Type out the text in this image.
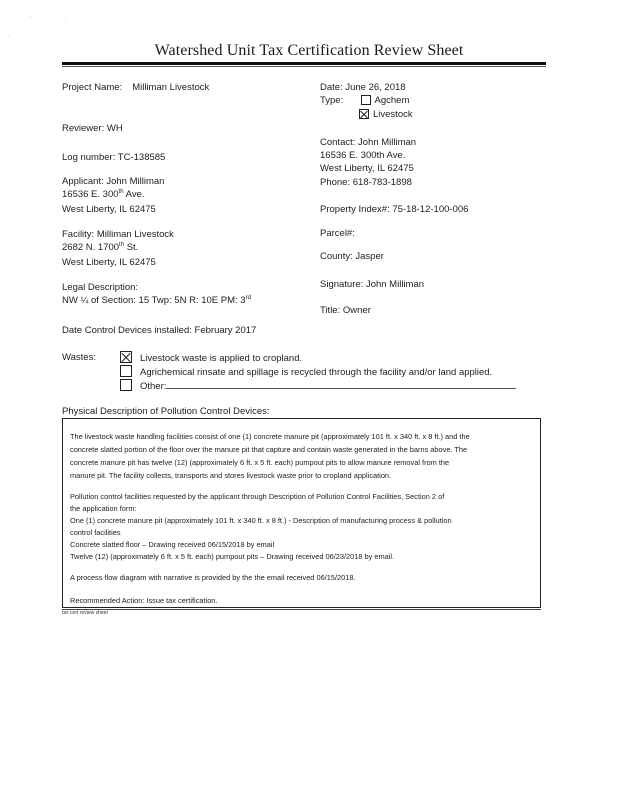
·	·
·
Watershed Unit Tax Certification Review Sheet
Project Name: Milliman Livestock
Reviewer: WH
Log number: TC-138585
Applicant: John Milliman
16536 E. 300th Ave.
West Liberty, IL 62475
Facility: Milliman Livestock
2682 N. 1700th St.
West Liberty, IL 62475
Legal Description:
NW ¼ of Section: 15 Twp: 5N R: 10E PM: 3rd
Date Control Devices installed: February 2017
Date: June 26, 2018
Type:	Agchem
Livestock
Contact: John Milliman
16536 E. 300th Ave.
West Liberty, IL 62475
Phone: 618-783-1898
Property Index#: 75-18-12-100-006
Parcel#:
County: Jasper
Signature: John Milliman
Title: Owner
Wastes:	Livestock waste is applied to cropland.
Agrichemical rinsate and spillage is recycled through the facility and/or land applied.
Other:
Physical Description of Pollution Control Devices:
The livestock waste handling facilities consist of one (1) concrete manure pit (approximately 101 ft. x 340 ft. x 8 ft.) and the
concrete slatted portion of the floor over the manure pit that capture and contain waste generated in the barns above. The
concrete manure pit has twelve (12) (approximately 6 ft. x 5 ft. each) pumpout pits to allow manure removal from the
manure pit. The facility collects, transports and stores livestock waste prior to cropland application.
Pollution control facilities requested by the applicant through Description of Pollution Control Facilities, Section 2 of
the application form:
One (1) concrete manure pit (approximately 101 ft. x 340 ft. x 8 ft.) - Description of manufacturing process & pollution
control facilities
Concrete slatted floor – Drawing received 06/15/2018 by email
Twelve (12) (approximately 6 ft. x 5 ft. each) pumpout pits – Drawing received 06/23/2018 by email.
A process flow diagram with narrative is provided by the the email received 06/15/2018.
Recommended Action: Issue tax certification.
tax cert review sheet
